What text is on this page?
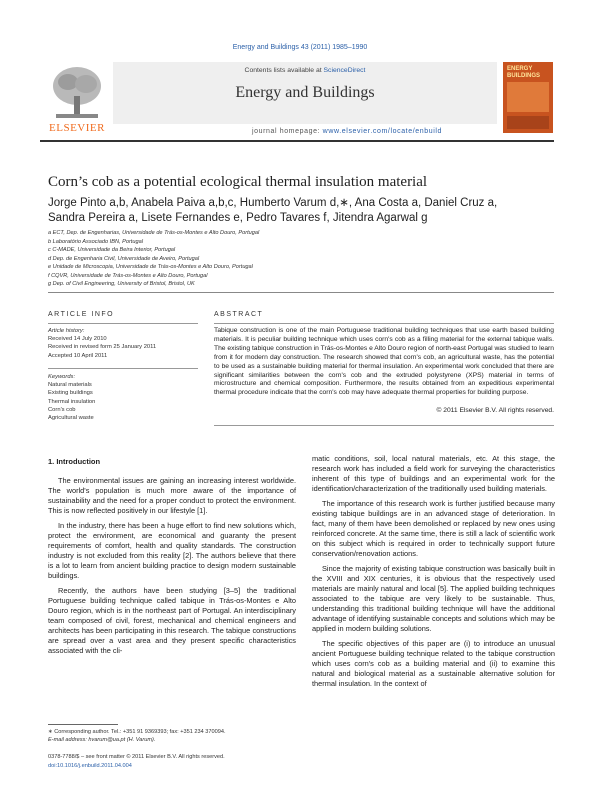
Energy and Buildings 43 (2011) 1985–1990
ELSEVIER
Contents lists available at ScienceDirect
Energy and Buildings
journal homepage: www.elsevier.com/locate/enbuild
ENERGY
BUILDINGS
Corn’s cob as a potential ecological thermal insulation material
Jorge Pinto a,b, Anabela Paiva a,b,c, Humberto Varum d,∗, Ana Costa a, Daniel Cruz a,
Sandra Pereira a, Lisete Fernandes e, Pedro Tavares f, Jitendra Agarwal g
a ECT, Dep. de Engenharias, Universidade de Trás-os-Montes e Alto Douro, Portugal
b Laboratório Associado IBN, Portugal
c C-MADE, Universidade da Beira Interior, Portugal
d Dep. de Engenharia Civil, Universidade de Aveiro, Portugal
e Unidade de Microscopia, Universidade de Trás-os-Montes e Alto Douro, Portugal
f CQVR, Universidade de Trás-os-Montes e Alto Douro, Portugal
g Dep. of Civil Engineering, University of Bristol, Bristol, UK
ARTICLE INFO
Article history:
Received 14 July 2010
Received in revised form 25 January 2011
Accepted 10 April 2011
Keywords:
Natural materials
Existing buildings
Thermal insulation
Corn's cob
Agricultural waste
ABSTRACT
Tabique construction is one of the main Portuguese traditional building techniques that use earth based building materials. It is peculiar building technique which uses corn's cob as a filling material for the external tabique walls. The existing tabique construction in Trás-os-Montes e Alto Douro region of north-east Portugal was studied to learn from it for modern day construction. The research showed that corn's cob, an agricultural waste, has the potential to be used as a sustainable building material for thermal insulation. An experimental work concluded that there are significant similarities between the corn's cob and the extruded polystyrene (XPS) material in terms of microstructure and chemical composition. Furthermore, the results obtained from an expeditious experimental thermal procedure indicate that the corn's cob may have adequate thermal properties for building purpose.
© 2011 Elsevier B.V. All rights reserved.
1. Introduction

The environmental issues are gaining an increasing interest worldwide. The world's population is much more aware of the importance of sustainability and the need for a proper conduct to protect the environment. This is now reflected positively in our lifestyle [1].

In the industry, there has been a huge effort to find new solutions which, protect the environment, are economical and guaranty the present requirements of comfort, health and quality standards. The construction industry is not excluded from this reality [2]. The authors believe that there is a lot to learn from ancient building practice to design modern sustainable buildings.

Recently, the authors have been studying [3–5] the traditional Portuguese building technique called tabique in Trás-os-Montes e Alto Douro region, which is in the northeast part of Portugal. An interdisciplinary team composed of civil, forest, mechanical and chemical engineers and architects has been participating in this research. The tabique constructions are spread over a vast area and they present specific characteristics associated with the cli-

matic conditions, soil, local natural materials, etc. At this stage, the research work has included a field work for surveying the characteristics inherent of this type of buildings and an experimental work for the identification/characterization of the traditionally used building materials.

The importance of this research work is further justified because many existing tabique buildings are in an advanced stage of deterioration. In fact, many of them have been demolished or replaced by new ones using reinforced concrete. At the same time, there is still a lack of scientific work on this subject which is required in order to technically support future conservation/renovation actions.

Since the majority of existing tabique construction was basically built in the XVIII and XIX centuries, it is obvious that the respectively used materials are mainly natural and local [5]. The applied building techniques associated to the tabique are very likely to be sustainable. Thus, understanding this traditional building technique will have the additional advantage of identifying sustainable concepts and solutions which may be applied in modern building solutions.

The specific objectives of this paper are (i) to introduce an unusual ancient Portuguese building technique related to the tabique construction which uses corn's cob as a building material and (ii) to examine this natural and biological material as a sustainable alternative solution for thermal insulation. In the context of

∗ Corresponding author. Tel.: +351 91 9369393; fax: +351 234 370094.
E-mail address: hvarum@ua.pt (H. Varum).
0378-7788/$ – see front matter © 2011 Elsevier B.V. All rights reserved.
doi:10.1016/j.enbuild.2011.04.004
